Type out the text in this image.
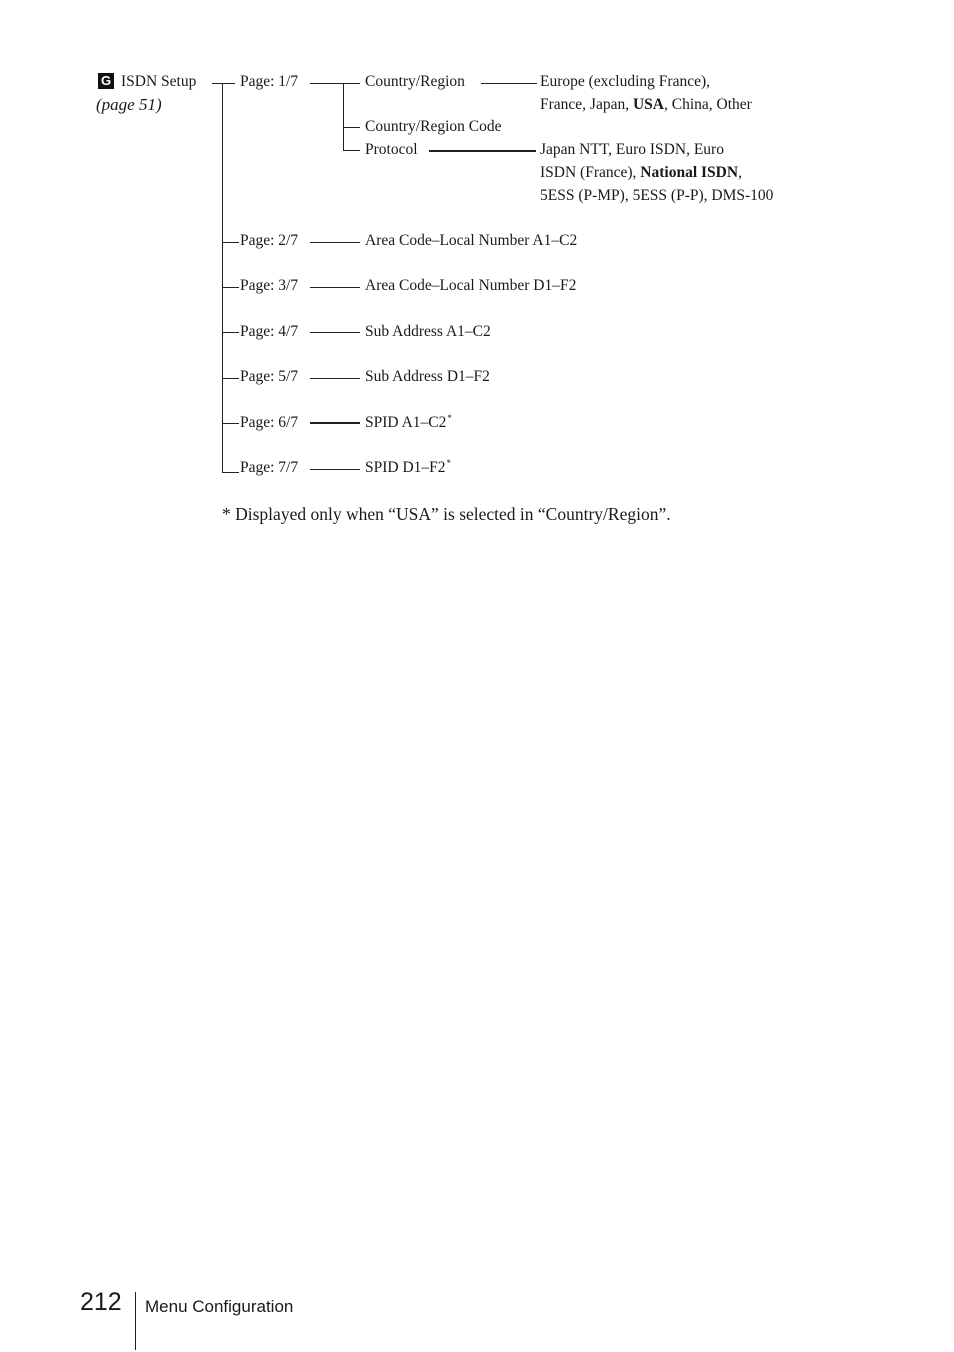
G ISDN Setup
(page 51)
Page: 1/7	Country/Region	Europe (excluding France),
France, Japan, USA, China, Other
Country/Region Code
Protocol	Japan NTT, Euro ISDN, Euro
ISDN (France), National ISDN,
5ESS (P-MP), 5ESS (P-P), DMS-100
Page: 2/7	Area Code–Local Number A1–C2
Page: 3/7	Area Code–Local Number D1–F2
Page: 4/7	Sub Address A1–C2
Page: 5/7	Sub Address D1–F2
Page: 6/7	SPID A1–C2*
Page: 7/7	SPID D1–F2*
* Displayed only when “USA” is selected in “Country/Region”.
212 Menu Configuration
